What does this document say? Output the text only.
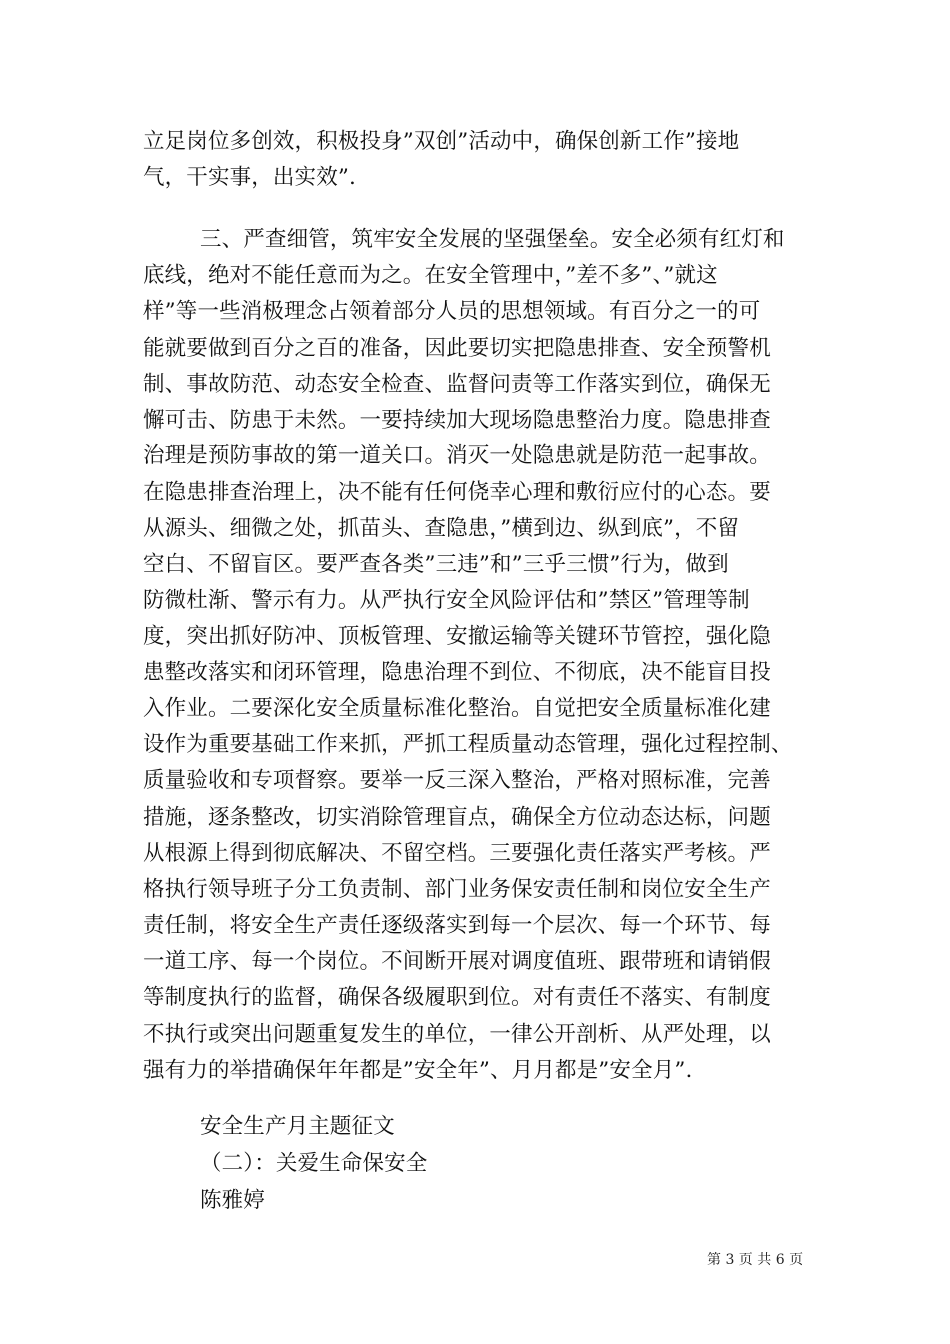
立足岗位多创效，积极投身”双创”活动中，确保创新工作”接地

气，干实事，出实效”.

三、严查细管，筑牢安全发展的坚强堡垒。安全必须有红灯和

底线，绝对不能任意而为之。在安全管理中，”差不多”、”就这

样”等一些消极理念占领着部分人员的思想领域。有百分之一的可

能就要做到百分之百的准备，因此要切实把隐患排查、安全预警机

制、事故防范、动态安全检查、监督问责等工作落实到位，确保无

懈可击、防患于未然。一要持续加大现场隐患整治力度。隐患排查

治理是预防事故的第一道关口。消灭一处隐患就是防范一起事故。

在隐患排查治理上，决不能有任何侥幸心理和敷衍应付的心态。要

从源头、细微之处，抓苗头、查隐患，”横到边、纵到底”，不留

空白、不留盲区。要严查各类”三违”和”三乎三惯”行为，做到

防微杜渐、警示有力。从严执行安全风险评估和”禁区”管理等制

度，突出抓好防冲、顶板管理、安撤运输等关键环节管控，强化隐

患整改落实和闭环管理，隐患治理不到位、不彻底，决不能盲目投

入作业。二要深化安全质量标准化整治。自觉把安全质量标准化建

设作为重要基础工作来抓，严抓工程质量动态管理，强化过程控制、

质量验收和专项督察。要举一反三深入整治，严格对照标准，完善

措施，逐条整改，切实消除管理盲点，确保全方位动态达标，问题

从根源上得到彻底解决、不留空档。三要强化责任落实严考核。严

格执行领导班子分工负责制、部门业务保安责任制和岗位安全生产

责任制，将安全生产责任逐级落实到每一个层次、每一个环节、每

一道工序、每一个岗位。不间断开展对调度值班、跟带班和请销假

等制度执行的监督，确保各级履职到位。对有责任不落实、有制度

不执行或突出问题重复发生的单位，一律公开剖析、从严处理，以

强有力的举措确保年年都是”安全年”、月月都是”安全月”.

安全生产月主题征文

（二）：关爱生命保安全

陈雅婷

第 3 页 共 6 页
